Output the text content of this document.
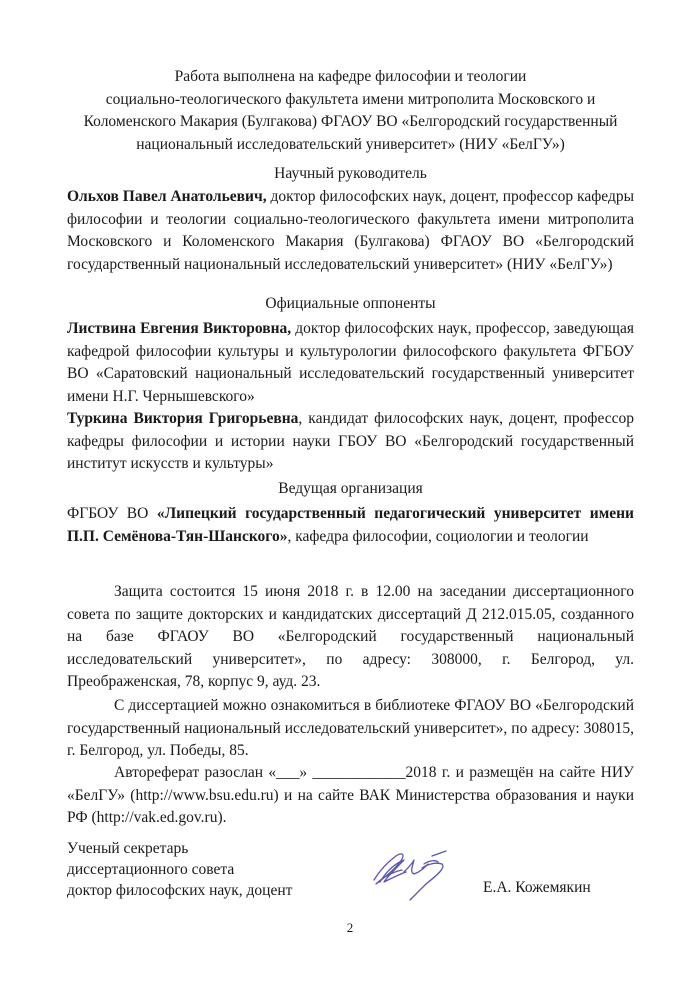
Работа выполнена на кафедре философии и теологии
социально-теологического факультета имени митрополита Московского и
Коломенского Макария (Булгакова) ФГАОУ ВО «Белгородский государственный
национальный исследовательский университет» (НИУ «БелГУ»)
Научный руководитель
Ольхов Павел Анатольевич, доктор философских наук, доцент, профессор кафедры философии и теологии социально-теологического факультета имени митрополита Московского и Коломенского Макария (Булгакова) ФГАОУ ВО «Белгородский государственный национальный исследовательский университет» (НИУ «БелГУ»)
Официальные оппоненты
Листвина Евгения Викторовна, доктор философских наук, профессор, заведующая кафедрой философии культуры и культурологии философского факультета ФГБОУ ВО «Саратовский национальный исследовательский государственный университет имени Н.Г. Чернышевского»
Туркина Виктория Григорьевна, кандидат философских наук, доцент, профессор кафедры философии и истории науки ГБОУ ВО «Белгородский государственный институт искусств и культуры»
Ведущая организация
ФГБОУ ВО «Липецкий государственный педагогический университет имени П.П. Семёнова-Тян-Шанского», кафедра философии, социологии и теологии
Защита состоится 15 июня 2018 г. в 12.00 на заседании диссертационного совета по защите докторских и кандидатских диссертаций Д 212.015.05, созданного на базе ФГАОУ ВО «Белгородский государственный национальный исследовательский университет», по адресу: 308000, г. Белгород, ул. Преображенская, 78, корпус 9, ауд. 23.
С диссертацией можно ознакомиться в библиотеке ФГАОУ ВО «Белгородский государственный национальный исследовательский университет», по адресу: 308015, г. Белгород, ул. Победы, 85.
Автореферат разослан «___» ____________2018 г. и размещён на сайте НИУ «БелГУ» (http://www.bsu.edu.ru) и на сайте ВАК Министерства образования и науки РФ (http://vak.ed.gov.ru).
Ученый секретарь
диссертационного совета
доктор философских наук, доцент	Е.А. Кожемякин
2
